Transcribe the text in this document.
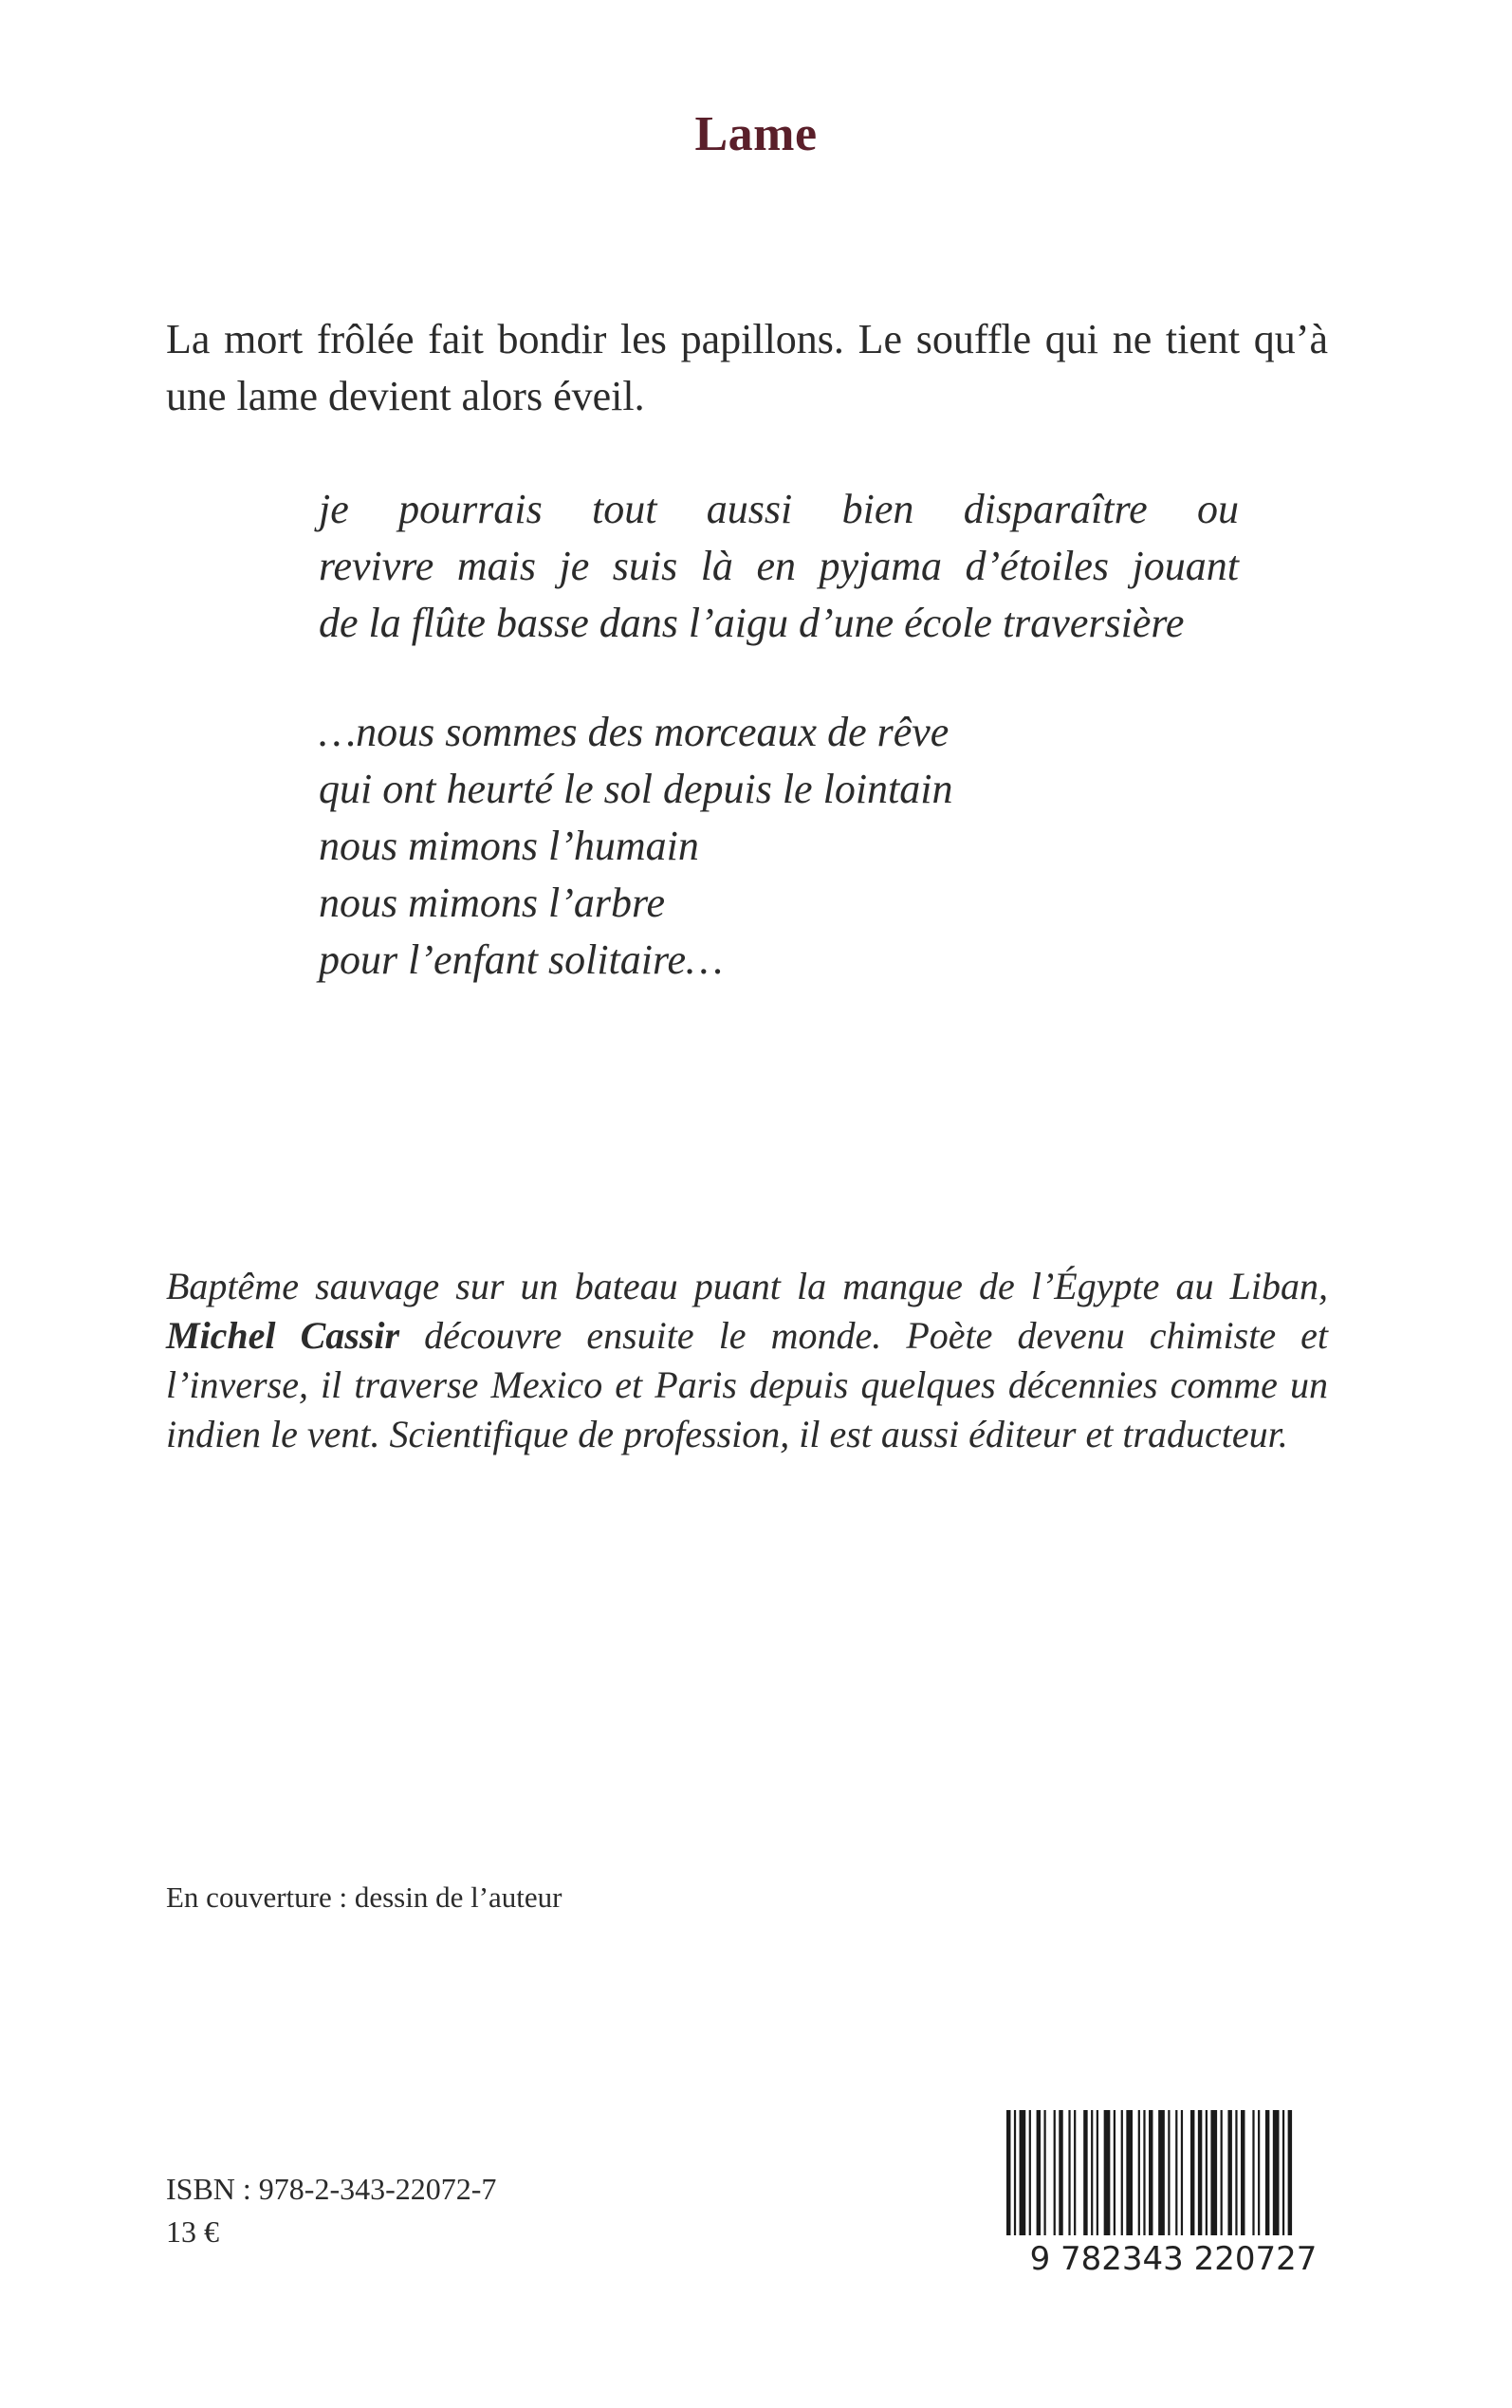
Lame

La mort frôlée fait bondir les papillons. Le souffle qui ne tient qu’à une lame devient alors éveil.

je pourrais tout aussi bien disparaître ou
revivre mais je suis là en pyjama d’étoiles jouant
de la flûte basse dans l’aigu d’une école traversière
…nous sommes des morceaux de rêve
qui ont heurté le sol depuis le lointain
nous mimons l’humain
nous mimons l’arbre
pour l’enfant solitaire…
Baptême sauvage sur un bateau puant la mangue de l’Égypte au Liban, Michel Cassir découvre ensuite le monde. Poète devenu chimiste et l’inverse, il traverse Mexico et Paris depuis quelques décennies comme un indien le vent. Scientifique de profession, il est aussi éditeur et traducteur.
En couverture : dessin de l’auteur
ISBN : 978-2-343-22072-7
13 €
9 782343 220727
